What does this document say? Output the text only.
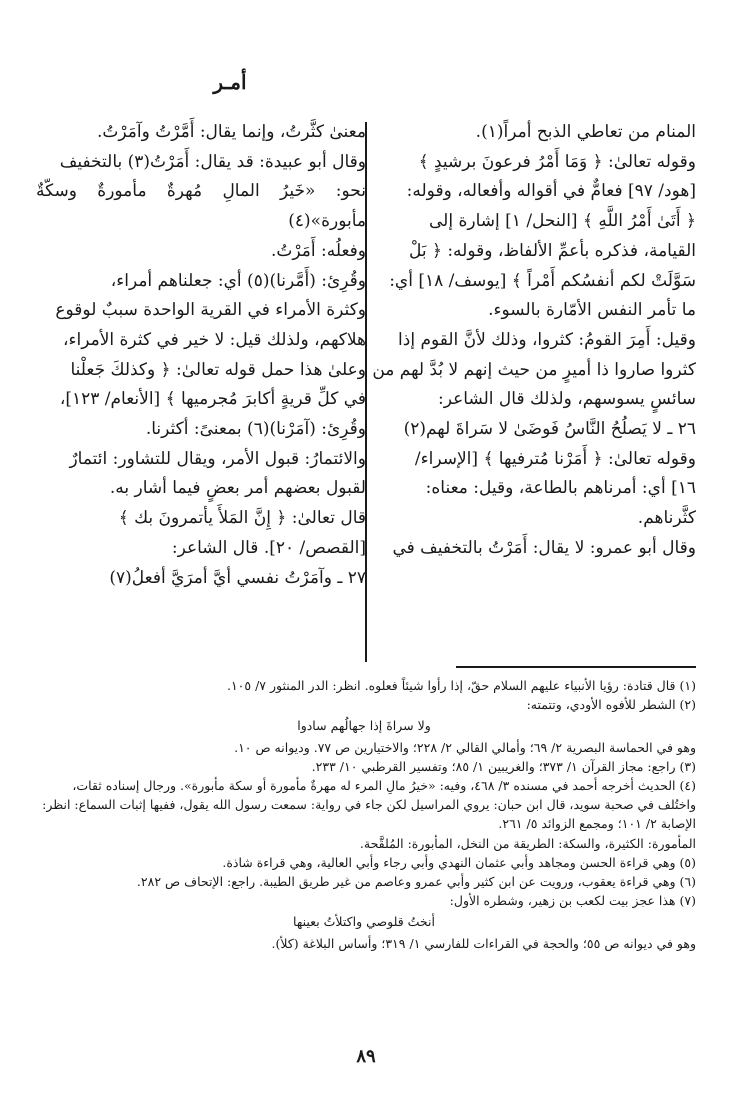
أمـر

المنام من تعاطي الذبح أمراً(١).

وقوله تعالىٰ: ﴿ وَمَا أَمْرُ فرعونَ برشيدٍ ﴾

[هود/ ٩٧] فعامٌّ في أقواله وأفعاله، وقوله:

﴿ أَتَىٰ أَمْرُ اللَّهِ ﴾ [النحل/ ١] إشارة إلى

القيامة، فذكره بأعمِّ الألفاظ، وقوله: ﴿ بَلْ

سَوَّلَتْ لكم أنفسُكم أَمْراً ﴾ [يوسف/ ١٨] أي:

ما تأمر النفس الأمّارة بالسوء.

وقيل: أَمِرَ القومُ: كثروا، وذلك لأنَّ القوم إذا

كثروا صاروا ذا أميرٍ من حيث إنهم لا بُدَّ لهم من

سائسٍ يسوسهم، ولذلك قال الشاعر:

٢٦ ـ لا يَصلُحُ النَّاسُ فَوضَىٰ لا سَراةَ لهم(٢)

وقوله تعالىٰ: ﴿ أَمَرْنا مُترفيها ﴾ [الإسراء/

١٦] أي: أمرناهم بالطاعة، وقيل: معناه:

كثَّرناهم.

وقال أبو عمرو: لا يقال: أَمَرْتُ بالتخفيف في

معنىٰ كثَّرتُ، وإنما يقال: أَمَّرْتُ وآمَرْتُ.

وقال أبو عبيدة: قد يقال: أَمَرْتُ(٣) بالتخفيف

نحو: «خَيرُ المالِ مُهرةٌ مأمورةٌ وسكّةٌ مأبورة»(٤)

وفعلُه: أَمَرْتُ.

وقُرِئ: (أَمَّرنا)(٥) أي: جعلناهم أمراء،

وكثرة الأمراء في القرية الواحدة سببٌ لوقوع

هلاكهم، ولذلك قيل: لا خير في كثرة الأمراء،

وعلىٰ هذا حمل قوله تعالىٰ: ﴿ وكذلكَ جَعلْنا

في كلِّ قريةٍ أكابرَ مُجرميها ﴾ [الأنعام/ ١٢٣]،

وقُرِئ: (آمَرْنا)(٦) بمعنىً: أكثرنا.

والائتمارُ: قبول الأمر، ويقال للتشاور: ائتمارٌ

لقبول بعضهم أمر بعضٍ فيما أشار به.

قال تعالىٰ: ﴿ إِنَّ المَلأَ يأتمرونَ بك ﴾

[القصص/ ٢٠]. قال الشاعر:

٢٧ ـ وآمَرْتُ نفسي أيَّ أمرَيَّ أفعلُ(٧)

(١) قال قتادة: رؤيا الأنبياء عليهم السلام حقّ، إذا رأوا شيئاً فعلوه. انظر: الدر المنثور ٧/ ١٠٥.

(٢) الشطر للأفوه الأودي، وتتمته:

ولا سراةَ إذا جهالُهم سادوا

وهو في الحماسة البصرية ٢/ ٦٩؛ وأمالي القالي ٢/ ٢٢٨؛ والاختيارين ص ٧٧. وديوانه ص ١٠.

(٣) راجع: مجاز القرآن ١/ ٣٧٣؛ والغريبين ١/ ٨٥؛ وتفسير القرطبي ١٠/ ٢٣٣.

(٤) الحديث أخرجه أحمد في مسنده ٣/ ٤٦٨، وفيه: «خيرُ مالِ المرء له مهرةٌ مأمورة أو سكة مأبورة». ورجال إسناده ثقات، واختُلف في صحبة سويد، قال ابن حبان: يروي المراسيل لكن جاء في رواية: سمعت رسول الله يقول، ففيها إثبات السماع: انظر: الإصابة ٢/ ١٠١؛ ومجمع الزوائد ٥/ ٢٦١.

المأمورة: الكثيرة، والسكة: الطريقة من النخل، المأبورة: المُلقَّحة.

(٥) وهي قراءة الحسن ومجاهد وأبي عثمان النهدي وأبي رجاء وأبي العالية، وهي قراءة شاذة.

(٦) وهي قراءة يعقوب، ورويت عن ابن كثير وأبي عمرو وعاصم من غير طريق الطيبة. راجع: الإتحاف ص ٢٨٢.

(٧) هذا عجز بيت لكعب بن زهير، وشطره الأول:

أنختُ قلوصي واكتلأتُ بعينها

وهو في ديوانه ص ٥٥؛ والحجة في القراءات للفارسي ١/ ٣١٩؛ وأساس البلاغة (كلأ).

٨٩
